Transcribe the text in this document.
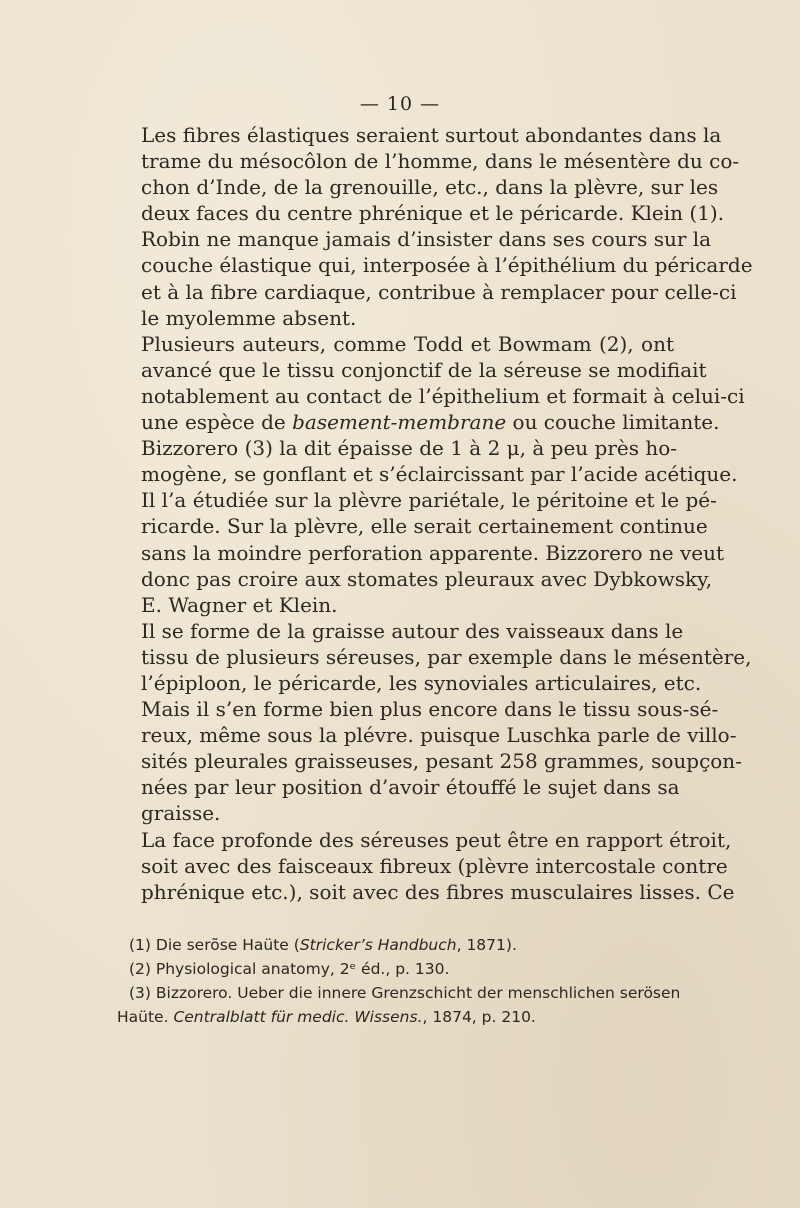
— 10 —

Les fibres élastiques seraient surtout abondantes dans la
trame du mésocôlon de l’homme, dans le mésentère du co-
chon d’Inde, de la grenouille, etc., dans la plèvre, sur les
deux faces du centre phrénique et le péricarde. Klein (1).

Robin ne manque jamais d’insister dans ses cours sur la
couche élastique qui, interposée à l’épithélium du péricarde
et à la fibre cardiaque, contribue à remplacer pour celle-ci
le myolemme absent.

Plusieurs auteurs, comme Todd et Bowmam (2), ont
avancé que le tissu conjonctif de la séreuse se modifiait
notablement au contact de l’épithelium et formait à celui-ci
une espèce de basement-membrane ou couche limitante.

Bizzorero (3) la dit épaisse de 1 à 2 μ, à peu près ho-
mogène, se gonflant et s’éclaircissant par l’acide acétique.
Il l’a étudiée sur la plèvre pariétale, le péritoine et le pé-
ricarde. Sur la plèvre, elle serait certainement continue
sans la moindre perforation apparente. Bizzorero ne veut
donc pas croire aux stomates pleuraux avec Dybkowsky,
E. Wagner et Klein.

Il se forme de la graisse autour des vaisseaux dans le
tissu de plusieurs séreuses, par exemple dans le mésentère,
l’épiploon, le péricarde, les synoviales articulaires, etc.
Mais il s’en forme bien plus encore dans le tissu sous-sé-
reux, même sous la plévre. puisque Luschka parle de villo-
sités pleurales graisseuses, pesant 258 grammes, soupçon-
nées par leur position d’avoir étouffé le sujet dans sa
graisse.

La face profonde des séreuses peut être en rapport étroit,
soit avec des faisceaux fibreux (plèvre intercostale contre
phrénique etc.), soit avec des fibres musculaires lisses. Ce

(1) Die serõse Haüte (Stricker’s Handbuch, 1871).
(2) Physiological anatomy, 2ᵉ éd., p. 130.
(3) Bizzorero. Ueber die innere Grenzschicht der menschlichen serösen
Haüte. Centralblatt für medic. Wissens., 1874, p. 210.
